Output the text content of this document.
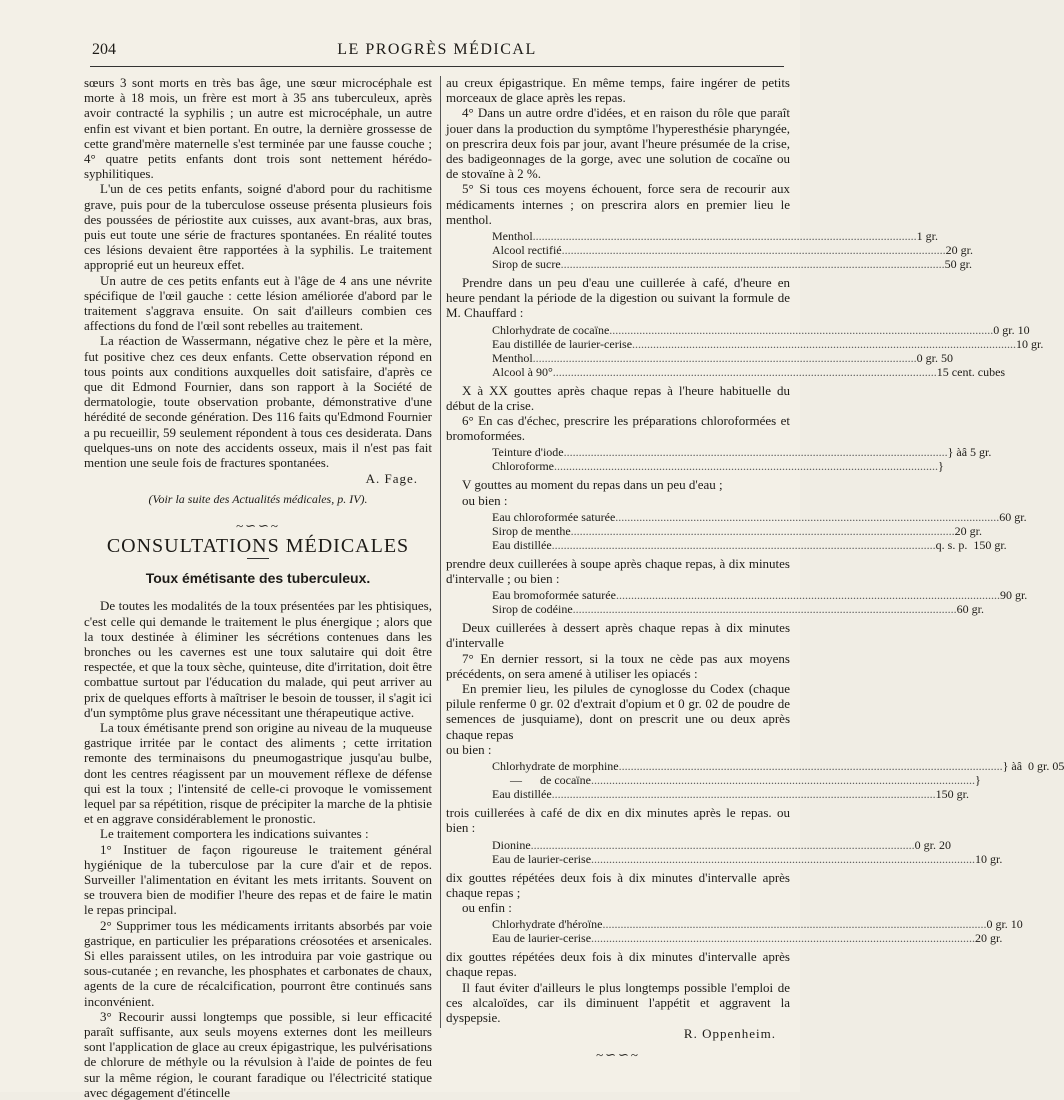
204	LE PROGRÈS MÉDICAL

sœurs 3 sont morts en très bas âge, une sœur microcéphale est morte à 18 mois, un frère est mort à 35 ans tuberculeux, après avoir contracté la syphilis ; un autre est microcéphale, un autre enfin est vivant et bien portant. En outre, la dernière grossesse de cette grand'mère maternelle s'est terminée par une fausse couche ; 4° quatre petits enfants dont trois sont nettement hérédo-syphilitiques.

L'un de ces petits enfants, soigné d'abord pour du rachitisme grave, puis pour de la tuberculose osseuse présenta plusieurs fois des poussées de périostite aux cuisses, aux avant-bras, aux bras, puis eut toute une série de fractures spontanées. En réalité toutes ces lésions devaient être rapportées à la syphilis. Le traitement approprié eut un heureux effet.

Un autre de ces petits enfants eut à l'âge de 4 ans une névrite spécifique de l'œil gauche : cette lésion améliorée d'abord par le traitement s'aggrava ensuite. On sait d'ailleurs combien ces affections du fond de l'œil sont rebelles au traitement.

La réaction de Wassermann, négative chez le père et la mère, fut positive chez ces deux enfants. Cette observation répond en tous points aux conditions auxquelles doit satisfaire, d'après ce que dit Edmond Fournier, dans son rapport à la Société de dermatologie, toute observation probante, démonstrative d'une hérédité de seconde génération. Des 116 faits qu'Edmond Fournier a pu recueillir, 59 seulement répondent à tous ces desiderata. Dans quelques-uns on note des accidents osseux, mais il n'est pas fait mention une seule fois de fractures spontanées.

A. Fage.
(Voir la suite des Actualités médicales, p. IV).
~∽∽~
CONSULTATIONS MÉDICALES
Toux émétisante des tuberculeux.

De toutes les modalités de la toux présentées par les phtisiques, c'est celle qui demande le traitement le plus énergique ; alors que la toux destinée à éliminer les sécrétions contenues dans les bronches ou les cavernes est une toux salutaire qui doit être respectée, et que la toux sèche, quinteuse, dite d'irritation, doit être combattue surtout par l'éducation du malade, qui peut arriver au prix de quelques efforts à maîtriser le besoin de tousser, il s'agit ici d'un symptôme plus grave nécessitant une thérapeutique active.

La toux émétisante prend son origine au niveau de la muqueuse gastrique irritée par le contact des aliments ; cette irritation remonte des terminaisons du pneumogastrique jusqu'au bulbe, dont les centres réagissent par un mouvement réflexe de défense qui est la toux ; l'intensité de celle-ci provoque le vomissement lequel par sa répétition, risque de précipiter la marche de la phtisie et en aggrave considérablement le pronostic.

Le traitement comportera les indications suivantes :

1° Instituer de façon rigoureuse le traitement général hygiénique de la tuberculose par la cure d'air et de repos. Surveiller l'alimentation en évitant les mets irritants. Souvent on se trouvera bien de modifier l'heure des repas et de faire le matin le repas principal.

2° Supprimer tous les médicaments irritants absorbés par voie gastrique, en particulier les préparations créosotées et arsenicales. Si elles paraissent utiles, on les introduira par voie gastrique ou sous-cutanée ; en revanche, les phosphates et carbonates de chaux, agents de la cure de récalcification, pourront être continués sans inconvénient.

3° Recourir aussi longtemps que possible, si leur efficacité paraît suffisante, aux seuls moyens externes dont les meilleurs sont l'application de glace au creux épigastrique, les pulvérisations de chlorure de méthyle ou la révulsion à l'aide de pointes de feu sur la même région, le courant faradique ou l'électricité statique avec dégagement d'étincelle

au creux épigastrique. En même temps, faire ingérer de petits morceaux de glace après les repas.

4° Dans un autre ordre d'idées, et en raison du rôle que paraît jouer dans la production du symptôme l'hyperesthésie pharyngée, on prescrira deux fois par jour, avant l'heure présumée de la crise, des badigeonnages de la gorge, avec une solution de cocaïne ou de stovaïne à 2 %.

5° Si tous ces moyens échouent, force sera de recourir aux médicaments internes ; on prescrira alors en premier lieu le menthol.

Menthol .....	1 gr.
Alcool rectifié .....	20 gr.
Sirop de sucre .....	50 gr.

Prendre dans un peu d'eau une cuillerée à café, d'heure en heure pendant la période de la digestion ou suivant la formule de M. Chauffard :

Chlorhydrate de cocaïne .....	0 gr. 10
Eau distillée de laurier-cerise .....	10 gr.
Menthol .....	0 gr. 50
Alcool à 90° .....	15 cent. cubes

X à XX gouttes après chaque repas à l'heure habituelle du début de la crise.

6° En cas d'échec, prescrire les préparations chloroformées et bromoformées.

Teinture d'iode .....	} àâ 5 gr.
Chloroforme .....	}

V gouttes au moment du repas dans un peu d'eau ;

ou bien :

Eau chloroformée saturée .....	60 gr.
Sirop de menthe .....	20 gr.
Eau distillée .....	q. s. p.  150 gr.

prendre deux cuillerées à soupe après chaque repas, à dix minutes d'intervalle ; ou bien :

Eau bromoformée saturée .....	90 gr.
Sirop de codéine .....	60 gr.

Deux cuillerées à dessert après chaque repas à dix minutes d'intervalle

7° En dernier ressort, si la toux ne cède pas aux moyens précédents, on sera amené à utiliser les opiacés :

En premier lieu, les pilules de cynoglosse du Codex (chaque pilule renferme 0 gr. 02 d'extrait d'opium et 0 gr. 02 de poudre de semences de jusquiame), dont on prescrit une ou deux après chaque repas

ou bien :

Chlorhydrate de morphine .....	} àâ  0 gr. 05
—      de cocaïne .....	}
Eau distillée .....	150 gr.

trois cuillerées à café de dix en dix minutes après le repas. ou bien :

Dionine .....	0 gr. 20
Eau de laurier-cerise .....	10 gr.

dix gouttes répétées deux fois à dix minutes d'intervalle après chaque repas ;

ou enfin :

Chlorhydrate d'héroïne .....	0 gr. 10
Eau de laurier-cerise .....	20 gr.

dix gouttes répétées deux fois à dix minutes d'intervalle après chaque repas.

Il faut éviter d'ailleurs le plus longtemps possible l'emploi de ces alcaloïdes, car ils diminuent l'appétit et aggravent la dyspepsie.

R. Oppenheim.
~∽∽~
